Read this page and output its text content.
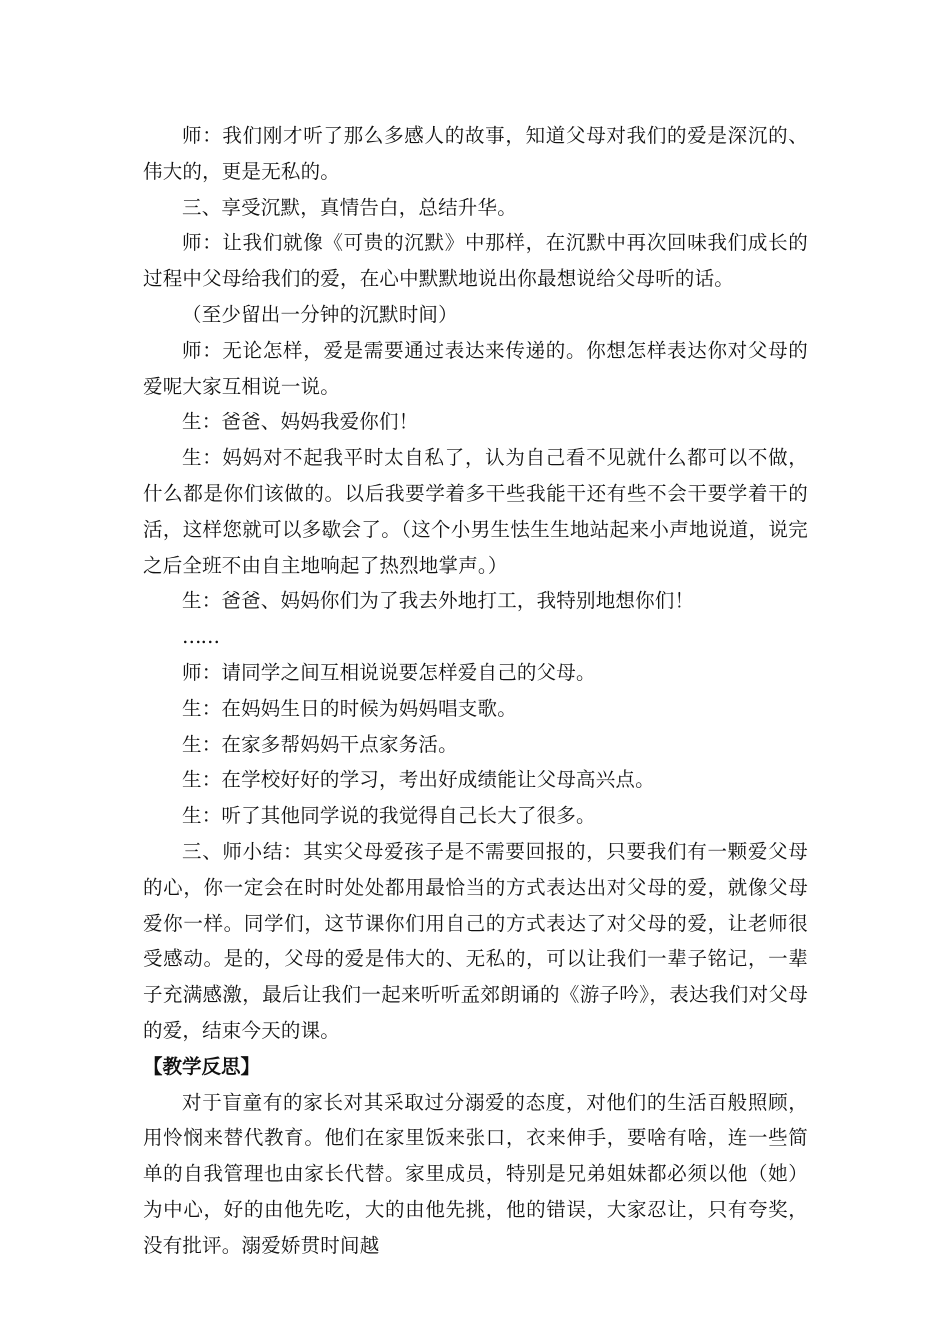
师：我们刚才听了那么多感人的故事，知道父母对我们的爱是深沉的、伟大的，更是无私的。

三、享受沉默，真情告白，总结升华。

师：让我们就像《可贵的沉默》中那样，在沉默中再次回味我们成长的过程中父母给我们的爱，在心中默默地说出你最想说给父母听的话。

（至少留出一分钟的沉默时间）

师：无论怎样，爱是需要通过表达来传递的。你想怎样表达你对父母的爱呢大家互相说一说。

生：爸爸、妈妈我爱你们！

生：妈妈对不起我平时太自私了，认为自己看不见就什么都可以不做，什么都是你们该做的。以后我要学着多干些我能干还有些不会干要学着干的活，这样您就可以多歇会了。（这个小男生怯生生地站起来小声地说道，说完之后全班不由自主地响起了热烈地掌声。）

生：爸爸、妈妈你们为了我去外地打工，我特别地想你们！

……

师：请同学之间互相说说要怎样爱自己的父母。

生：在妈妈生日的时候为妈妈唱支歌。

生：在家多帮妈妈干点家务活。

生：在学校好好的学习，考出好成绩能让父母高兴点。

生：听了其他同学说的我觉得自己长大了很多。

三、师小结：其实父母爱孩子是不需要回报的，只要我们有一颗爱父母的心，你一定会在时时处处都用最恰当的方式表达出对父母的爱，就像父母爱你一样。同学们，这节课你们用自己的方式表达了对父母的爱，让老师很受感动。是的，父母的爱是伟大的、无私的，可以让我们一辈子铭记，一辈子充满感激，最后让我们一起来听听孟郊朗诵的《游子吟》，表达我们对父母的爱，结束今天的课。

【教学反思】

对于盲童有的家长对其采取过分溺爱的态度，对他们的生活百般照顾，用怜悯来替代教育。他们在家里饭来张口，衣来伸手，要啥有啥，连一些简单的自我管理也由家长代替。家里成员，特别是兄弟姐妹都必须以他（她）为中心，好的由他先吃，大的由他先挑，他的错误，大家忍让，只有夸奖，没有批评。溺爱娇贯时间越
